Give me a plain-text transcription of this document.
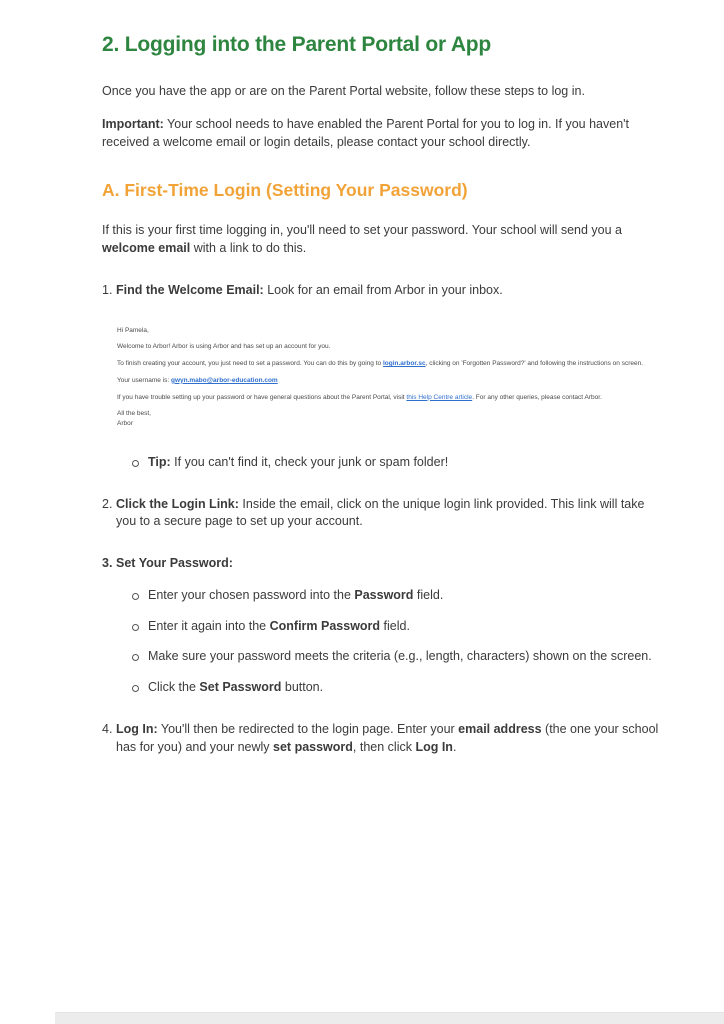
2. Logging into the Parent Portal or App

Once you have the app or are on the Parent Portal website, follow these steps to log in.

Important: Your school needs to have enabled the Parent Portal for you to log in. If you haven't received a welcome email or login details, please contact your school directly.

A. First-Time Login (Setting Your Password)

If this is your first time logging in, you'll need to set your password. Your school will send you a welcome email with a link to do this.

1. Find the Welcome Email: Look for an email from Arbor in your inbox.

Hi Pamela,

Welcome to Arbor! Arbor is using Arbor and has set up an account for you.

To finish creating your account, you just need to set a password. You can do this by going to login.arbor.sc, clicking on 'Forgotten Password?' and following the instructions on screen.

Your username is: gwyn.mabo@arbor-education.com

If you have trouble setting up your password or have general questions about the Parent Portal, visit this Help Centre article. For any other queries, please contact Arbor.

All the best,

Arbor

Tip: If you can't find it, check your junk or spam folder!
2. Click the Login Link: Inside the email, click on the unique login link provided. This link will take you to a secure page to set up your account.
3. Set Your Password:
Enter your chosen password into the Password field.
Enter it again into the Confirm Password field.
Make sure your password meets the criteria (e.g., length, characters) shown on the screen.
Click the Set Password button.
4. Log In: You'll then be redirected to the login page. Enter your email address (the one your school has for you) and your newly set password, then click Log In.
